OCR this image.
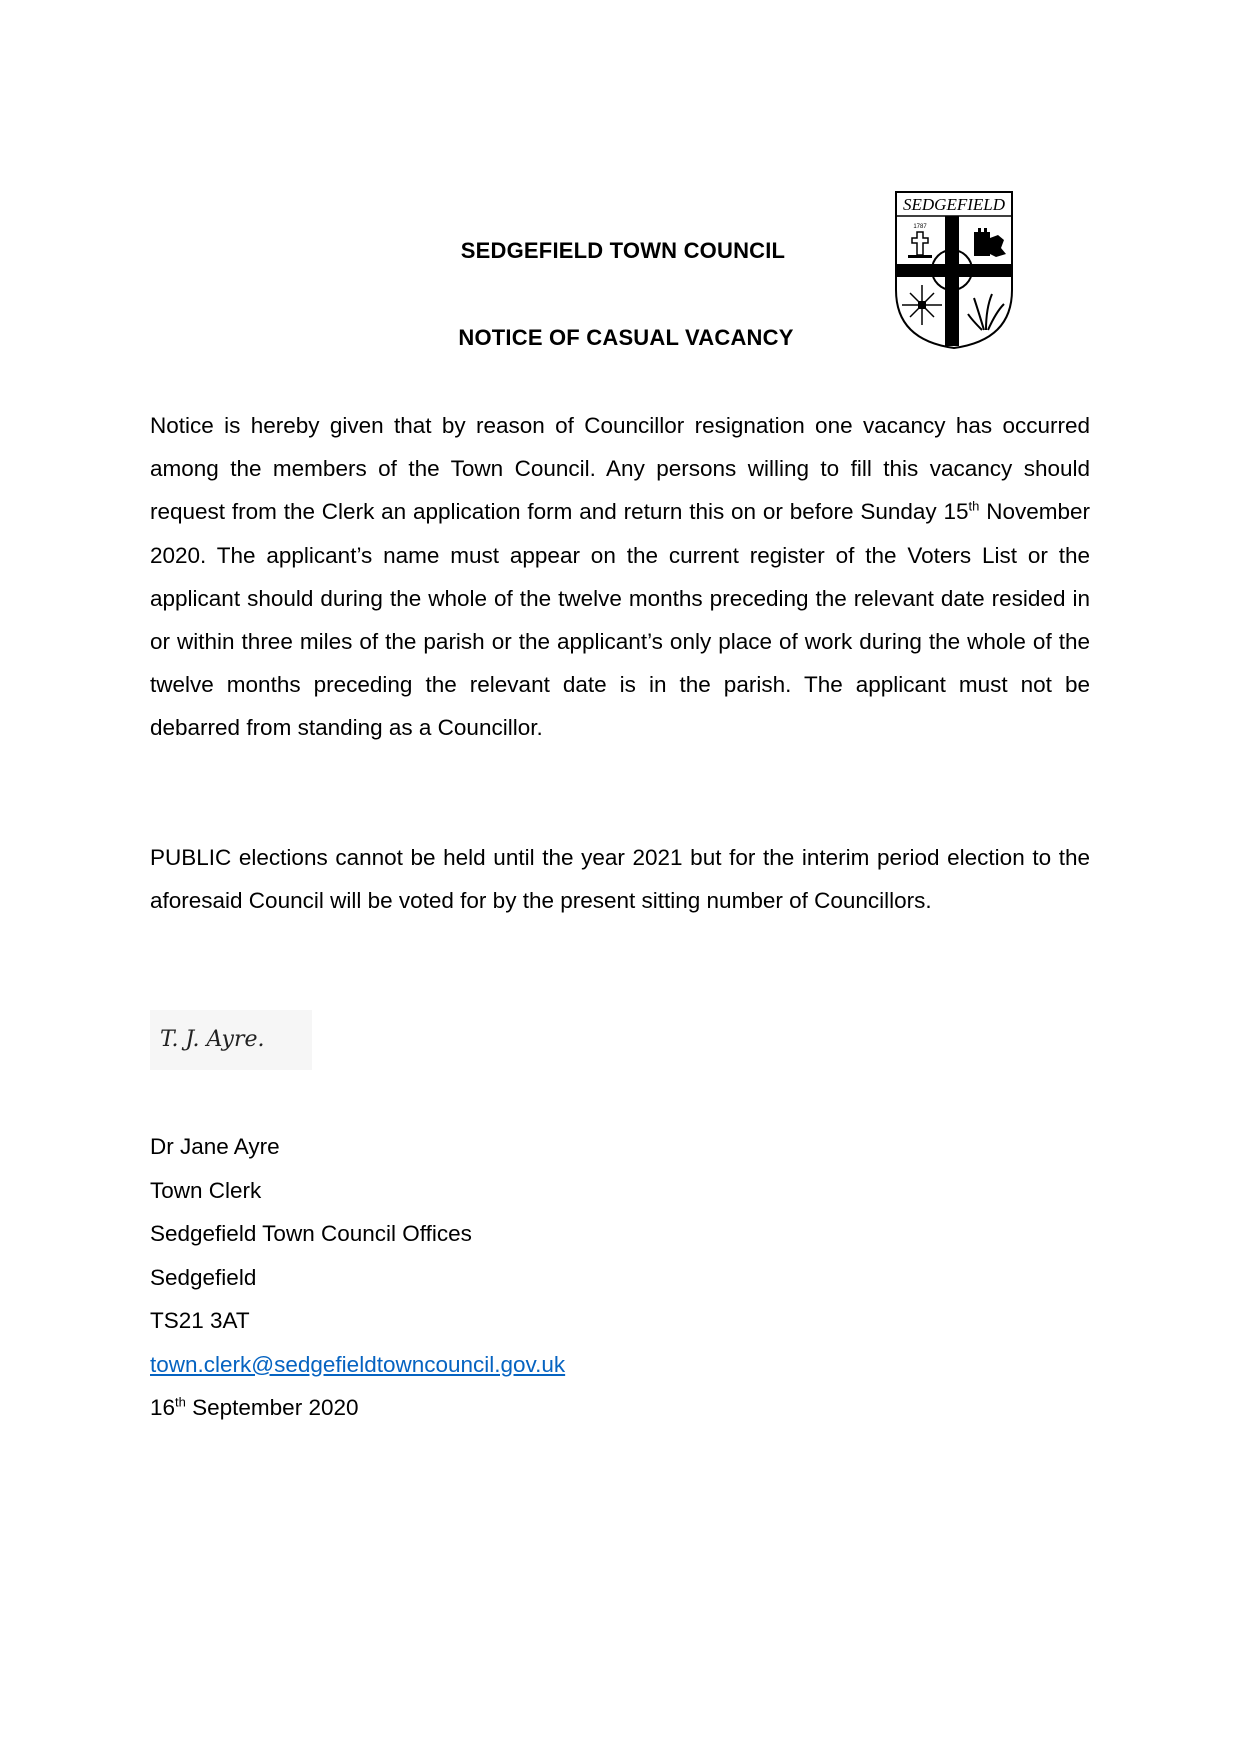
SEDGEFIELD
1787
SEDGEFIELD TOWN COUNCIL
NOTICE OF CASUAL VACANCY
Notice is hereby given that by reason of Councillor resignation one vacancy has occurred among the members of the Town Council. Any persons willing to fill this vacancy should request from the Clerk an application form and return this on or before Sunday 15th November 2020. The applicant’s name must appear on the current register of the Voters List or the applicant should during the whole of the twelve months preceding the relevant date resided in or within three miles of the parish or the applicant’s only place of work during the whole of the twelve months preceding the relevant date is in the parish. The applicant must not be debarred from standing as a Councillor.
PUBLIC elections cannot be held until the year 2021 but for the interim period election to the aforesaid Council will be voted for by the present sitting number of Councillors.
T. J. Ayre.
Dr Jane Ayre
Town Clerk
Sedgefield Town Council Offices
Sedgefield
TS21 3AT
town.clerk@sedgefieldtowncouncil.gov.uk
16th September 2020
